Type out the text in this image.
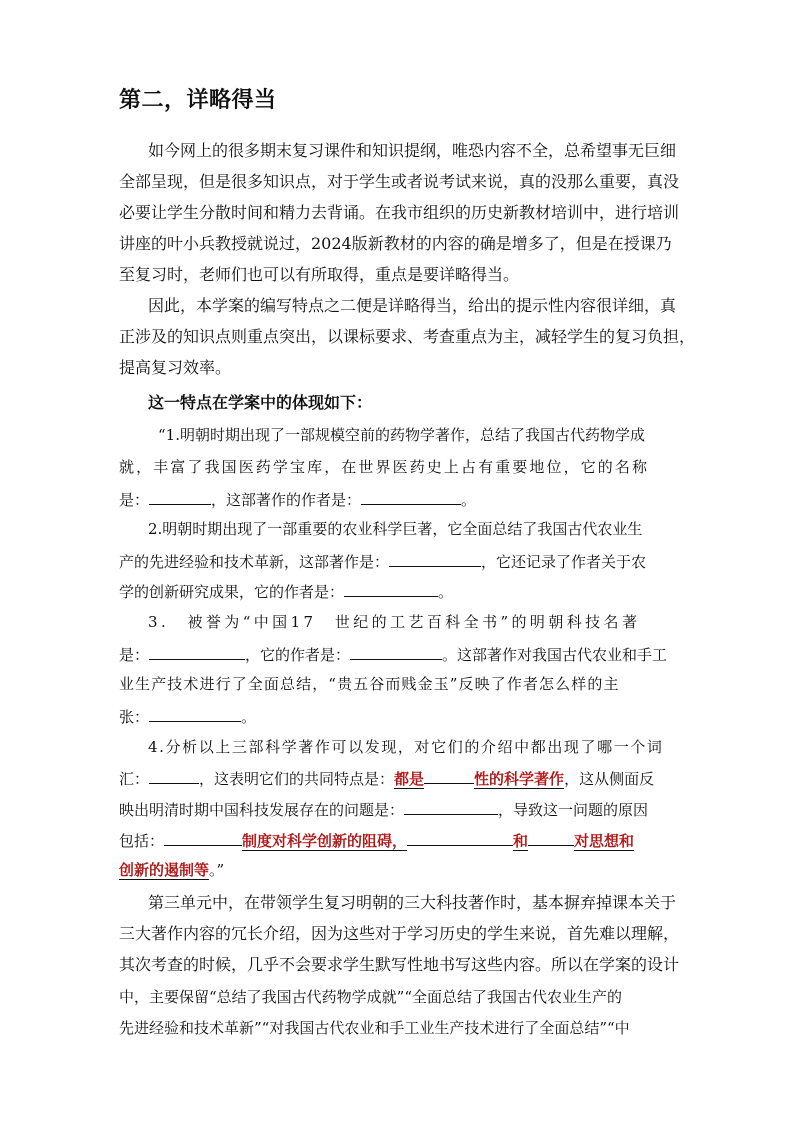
第二，详略得当
如今网上的很多期末复习课件和知识提纲，唯恐内容不全，总希望事无巨细
全部呈现，但是很多知识点，对于学生或者说考试来说，真的没那么重要，真没
必要让学生分散时间和精力去背诵。在我市组织的历史新教材培训中，进行培训
讲座的叶小兵教授就说过，2024版新教材的内容的确是增多了，但是在授课乃
至复习时，老师们也可以有所取得，重点是要详略得当。
因此，本学案的编写特点之二便是详略得当，给出的提示性内容很详细，真
正涉及的知识点则重点突出，以课标要求、考查重点为主，减轻学生的复习负担，
提高复习效率。
这一特点在学案中的体现如下：
“1.明朝时期出现了一部规模空前的药物学著作，总结了我国古代药物学成
就，丰富了我国医药学宝库，在世界医药史上占有重要地位，它的名称
是：	，这部著作的作者是：	。
2.明朝时期出现了一部重要的农业科学巨著，它全面总结了我国古代农业生
产的先进经验和技术革新，这部著作是：	，它还记录了作者关于农
学的创新研究成果，它的作者是：	。
3.　被誉为“中国17　世纪的工艺百科全书”的明朝科技名著
是：	，它的作者是：	。这部著作对我国古代农业和手工
业生产技术进行了全面总结，“贵五谷而贱金玉”反映了作者怎么样的主
张：	。
4.分析以上三部科学著作可以发现，对它们的介绍中都出现了哪一个词
汇：	，这表明它们的共同特点是：都是	性的科学著作，这从侧面反
映出明清时期中国科技发展存在的问题是：	，导致这一问题的原因
包括：	制度对科学创新的阻碍，	和	对思想和
创新的遏制等。”
第三单元中，在带领学生复习明朝的三大科技著作时，基本摒弃掉课本关于
三大著作内容的冗长介绍，因为这些对于学习历史的学生来说，首先难以理解，
其次考查的时候，几乎不会要求学生默写性地书写这些内容。所以在学案的设计
中，主要保留“总结了我国古代药物学成就”“全面总结了我国古代农业生产的
先进经验和技术革新”“对我国古代农业和手工业生产技术进行了全面总结”“中
